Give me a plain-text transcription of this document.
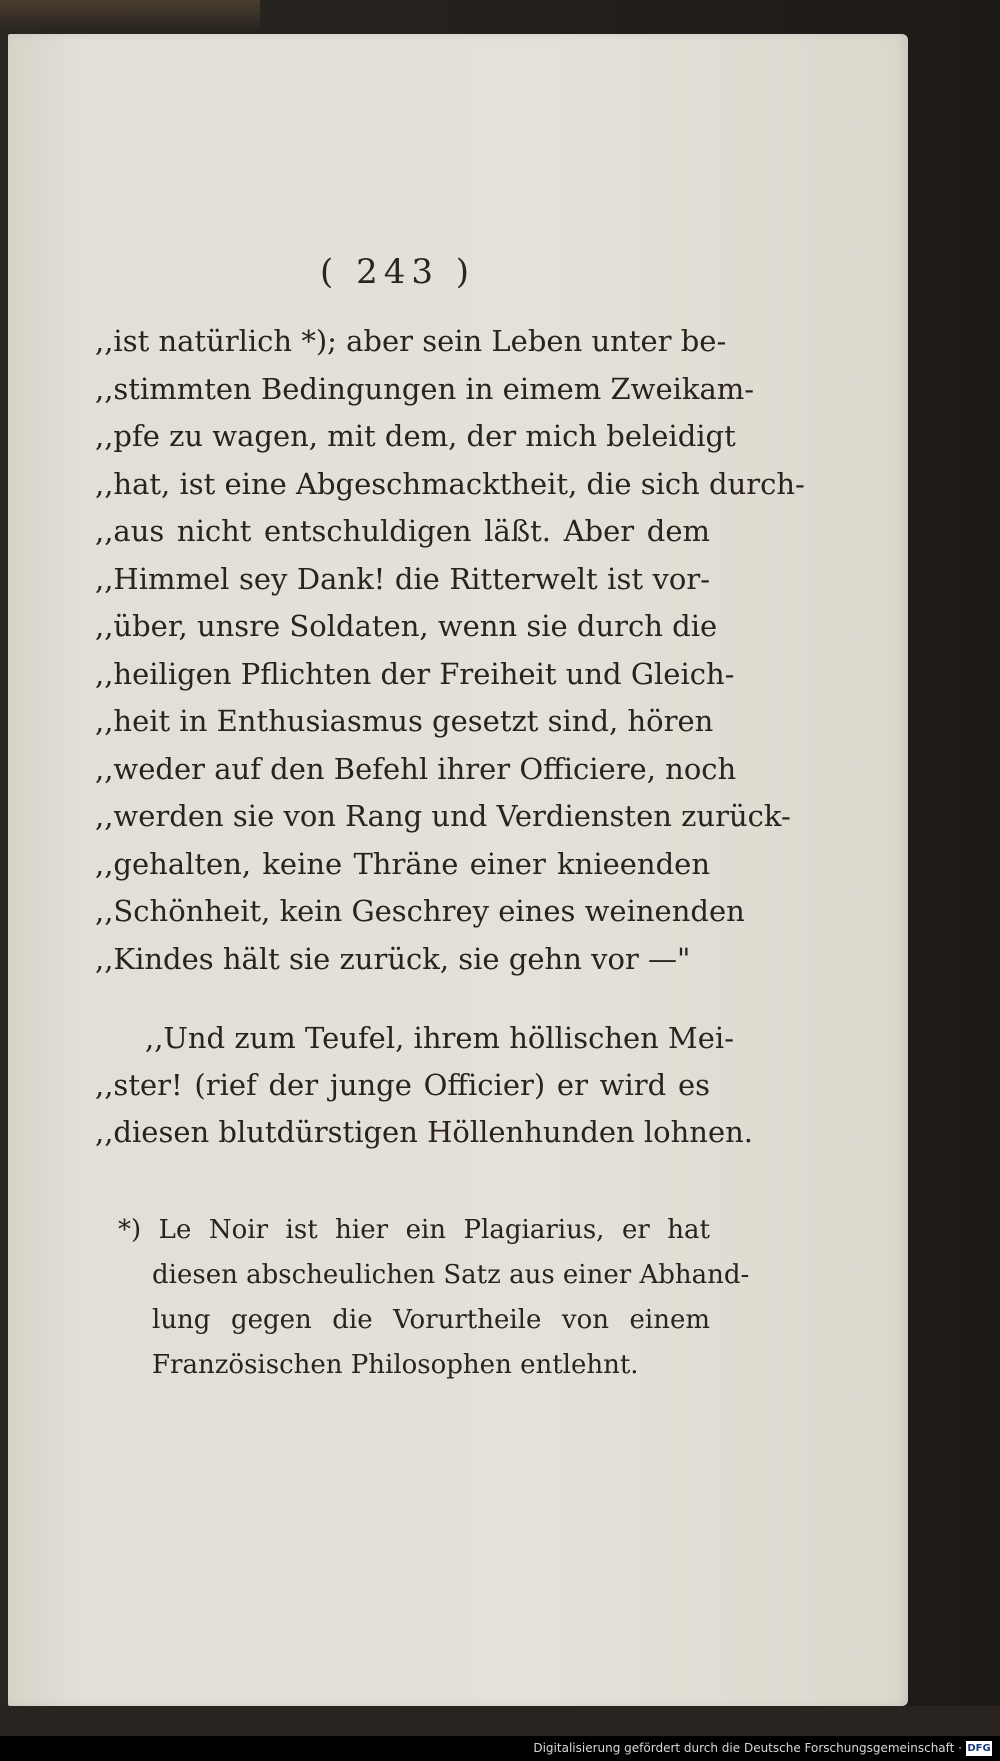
( 243 )
,,ist natürlich *); aber sein Leben unter be-
,,stimmten Bedingungen in eimem Zweikam-
,,pfe zu wagen, mit dem, der mich beleidigt
,,hat, ist eine Abgeschmacktheit, die sich durch-
,,aus nicht entschuldigen läßt. Aber dem
,,Himmel sey Dank! die Ritterwelt ist vor-
,,über, unsre Soldaten, wenn sie durch die
,,heiligen Pflichten der Freiheit und Gleich-
,,heit in Enthusiasmus gesetzt sind, hören
,,weder auf den Befehl ihrer Officiere, noch
,,werden sie von Rang und Verdiensten zurück-
,,gehalten, keine Thräne einer knieenden
,,Schönheit, kein Geschrey eines weinenden
,,Kindes hält sie zurück, sie gehn vor —"
,,Und zum Teufel, ihrem höllischen Mei-
,,ster! (rief der junge Officier) er wird es
,,diesen blutdürstigen Höllenhunden lohnen.
*) Le Noir ist hier ein Plagiarius, er hat
diesen abscheulichen Satz aus einer Abhand-
lung gegen die Vorurtheile von einem
Französischen Philosophen entlehnt.
Digitalisierung gefördert durch die Deutsche Forschungsgemeinschaft · DFG
